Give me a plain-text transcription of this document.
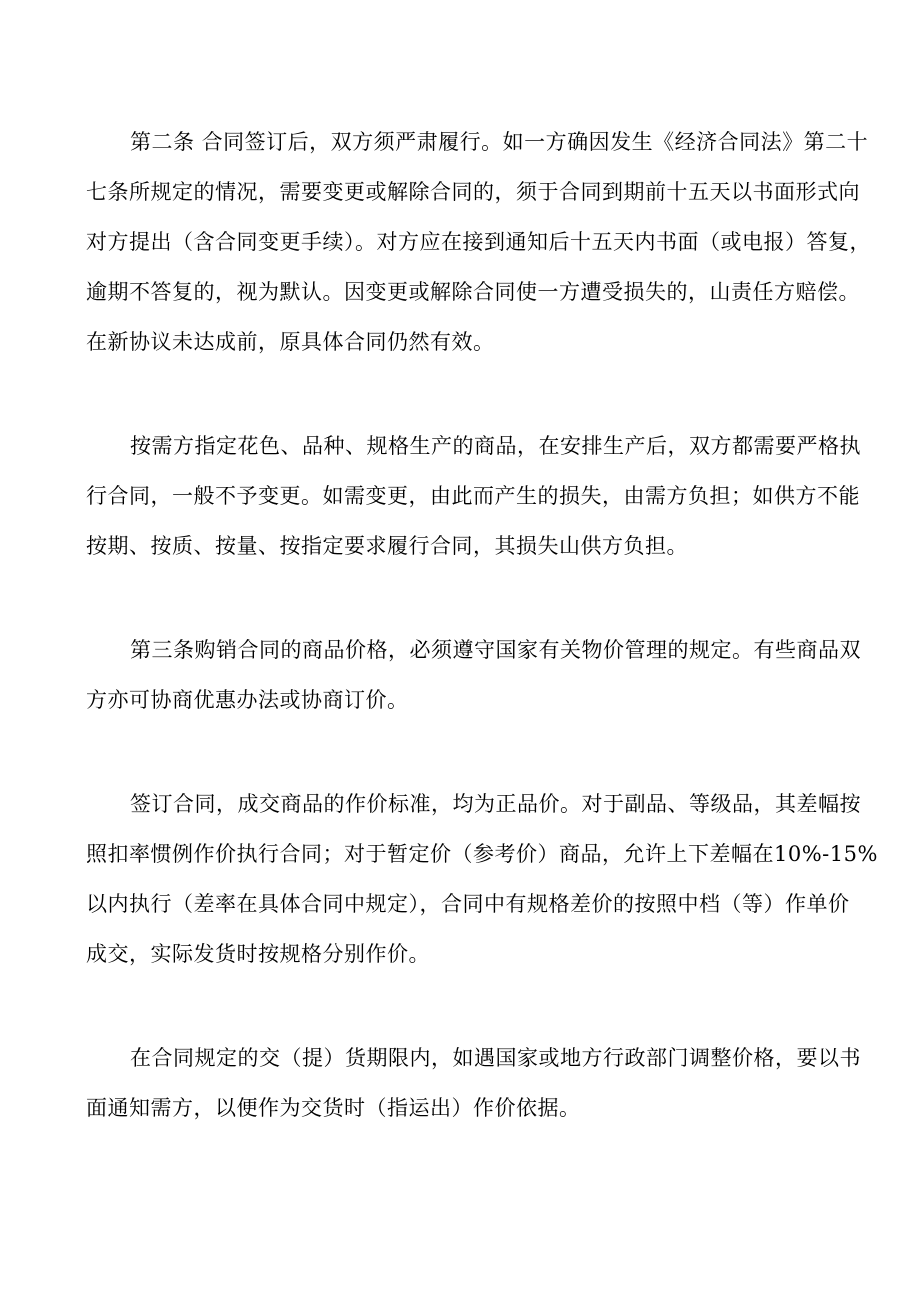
第二条 合同签订后，双方须严肃履行。如一方确因发生《经济合同法》第二十
七条所规定的情况，需要变更或解除合同的，须于合同到期前十五天以书面形式向
对方提出（含合同变更手续）。对方应在接到通知后十五天内书面（或电报）答复，
逾期不答复的，视为默认。因变更或解除合同使一方遭受损失的，山责任方赔偿。
在新协议未达成前，原具体合同仍然有效。
按需方指定花色、品种、规格生产的商品，在安排生产后，双方都需要严格执
行合同，一般不予变更。如需变更，由此而产生的损失，由需方负担；如供方不能
按期、按质、按量、按指定要求履行合同，其损失山供方负担。
第三条购销合同的商品价格，必须遵守国家有关物价管理的规定。有些商品双
方亦可协商优惠办法或协商订价。
签订合同，成交商品的作价标准，均为正品价。对于副品、等级品，其差幅按
照扣率惯例作价执行合同；对于暂定价（参考价）商品，允许上下差幅在10%-15%
以内执行（差率在具体合同中规定），合同中有规格差价的按照中档（等）作单价
成交，实际发货时按规格分别作价。
在合同规定的交（提）货期限内，如遇国家或地方行政部门调整价格，要以书
面通知需方，以便作为交货时（指运出）作价依据。
